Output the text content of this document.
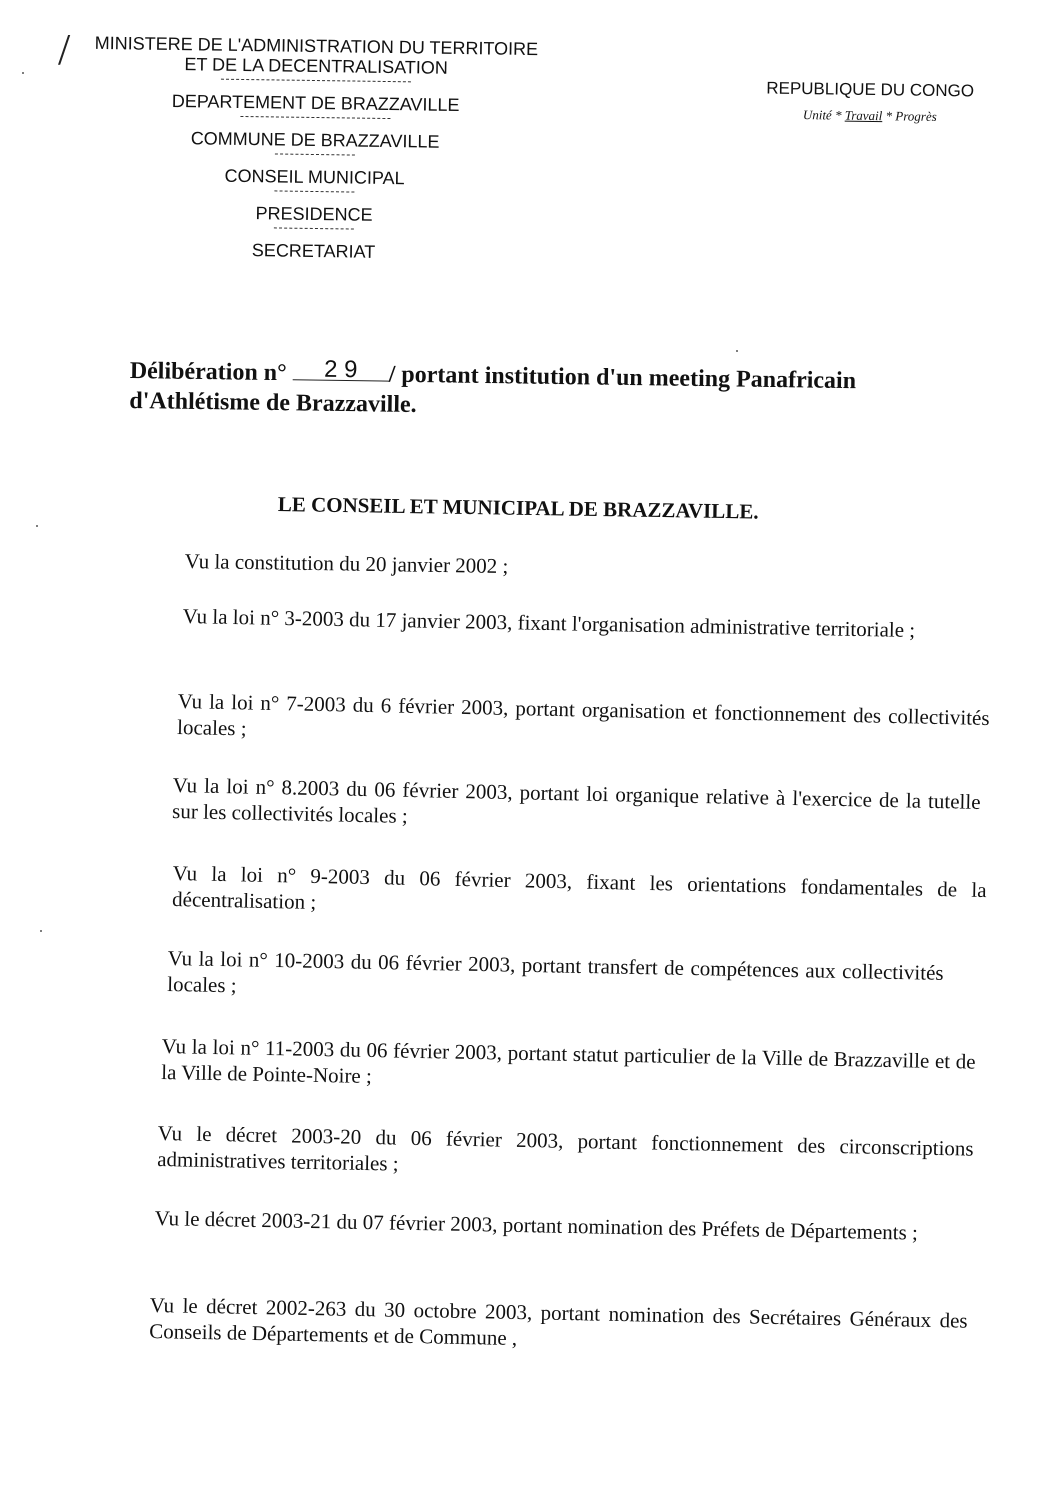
/	MINISTERE DE L'ADMINISTRATION DU TERRITOIRE
ET DE LA DECENTRALISATION
DEPARTEMENT DE BRAZZAVILLE
COMMUNE DE BRAZZAVILLE
CONSEIL MUNICIPAL
PRESIDENCE
SECRETARIAT
REPUBLIQUE DU CONGO
Unité * Travail * Progrès
Délibération n° 2 9 / portant institution d'un meeting Panafricain
d'Athlétisme de Brazzaville.
LE CONSEIL ET MUNICIPAL DE BRAZZAVILLE.
Vu la constitution du 20 janvier 2002 ;
Vu la loi n° 3-2003 du 17 janvier 2003, fixant l'organisation administrative territoriale ;
Vu la loi n° 7-2003 du 6 février 2003, portant organisation et fonctionnement des collectivités locales ;
Vu la loi n° 8.2003 du 06 février 2003, portant loi organique relative à l'exercice de la tutelle sur les collectivités locales ;
Vu la loi n° 9-2003 du 06 février 2003, fixant les orientations fondamentales de la décentralisation ;
Vu la loi n° 10-2003 du 06 février 2003, portant transfert de compétences aux collectivités locales ;
Vu la loi n° 11-2003 du 06 février 2003, portant statut particulier de la Ville de Brazzaville et de la Ville de Pointe-Noire ;
Vu le décret 2003-20 du 06 février 2003, portant fonctionnement des circonscriptions administratives territoriales ;
Vu le décret 2003-21 du 07 février 2003, portant nomination des Préfets de Départements ;
Vu le décret 2002-263 du 30 octobre 2003, portant nomination des Secrétaires Généraux des Conseils de Départements et de Commune ,
